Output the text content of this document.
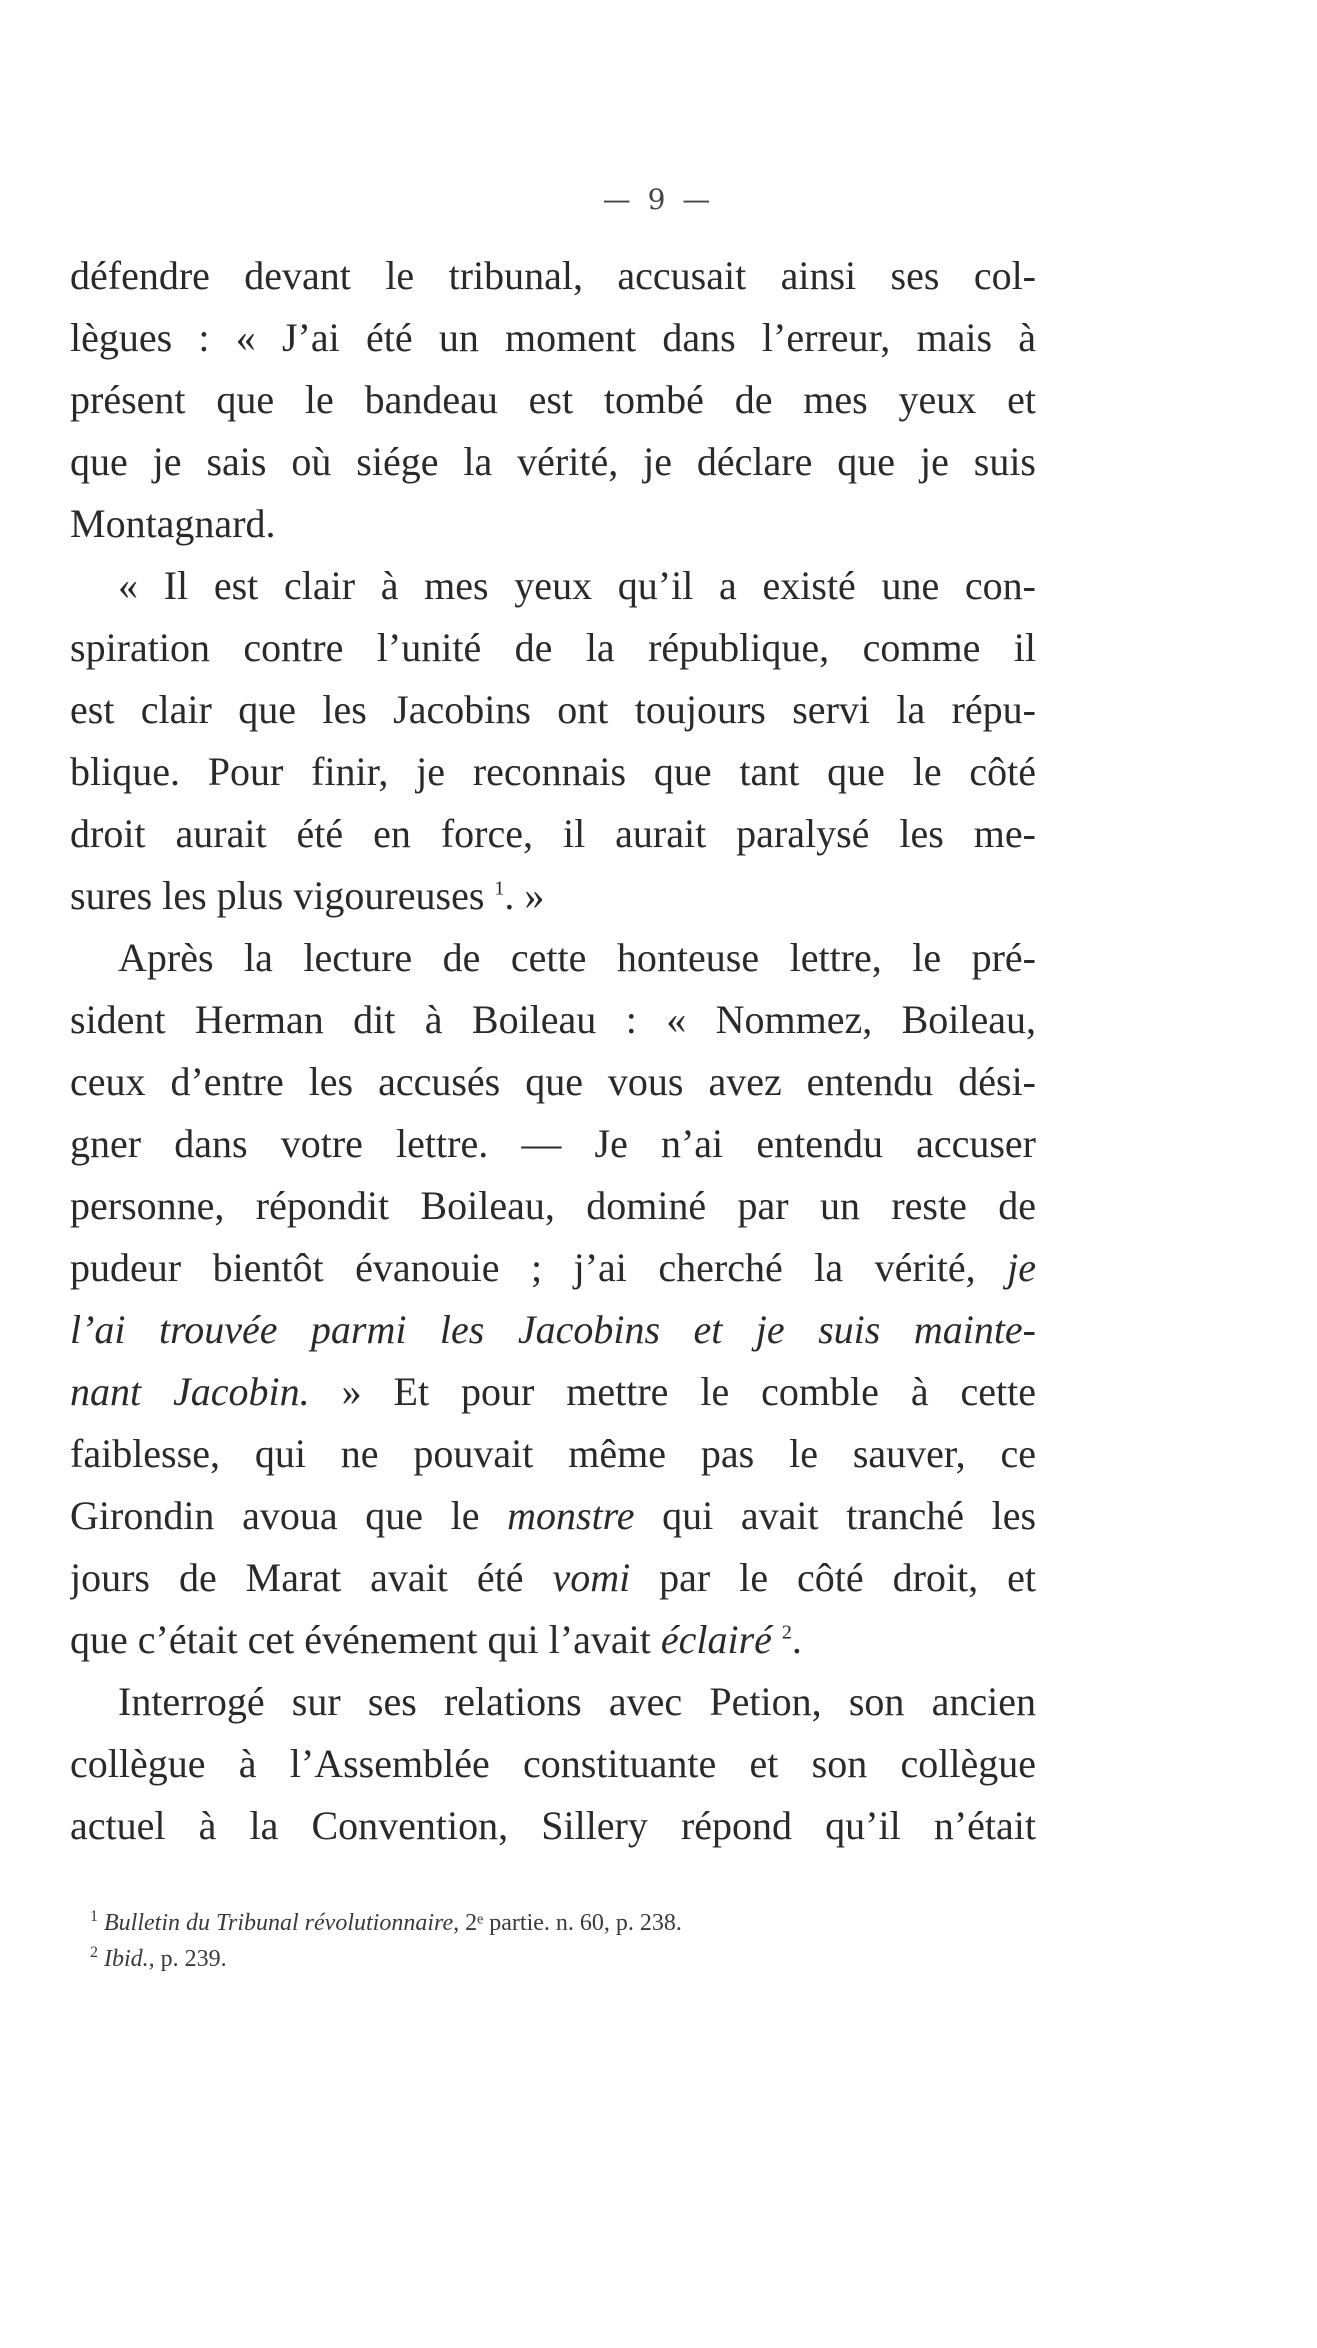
— 9 —
défendre devant le tribunal, accusait ainsi ses col-
lègues : « J’ai été un moment dans l’erreur, mais à
présent que le bandeau est tombé de mes yeux et
que je sais où siége la vérité, je déclare que je suis
Montagnard.
« Il est clair à mes yeux qu’il a existé une con-
spiration contre l’unité de la république, comme il
est clair que les Jacobins ont toujours servi la répu-
blique. Pour finir, je reconnais que tant que le côté
droit aurait été en force, il aurait paralysé les me-
sures les plus vigoureuses $^1$. »
Après la lecture de cette honteuse lettre, le pré-
sident Herman dit à Boileau : « Nommez, Boileau,
ceux d’entre les accusés que vous avez entendu dési-
gner dans votre lettre. — Je n’ai entendu accuser
personne, répondit Boileau, dominé par un reste de
pudeur bientôt évanouie ; j’ai cherché la vérité, je
l’ai trouvée parmi les Jacobins et je suis mainte-
nant Jacobin. » Et pour mettre le comble à cette
faiblesse, qui ne pouvait même pas le sauver, ce
Girondin avoua que le monstre qui avait tranché les
jours de Marat avait été vomi par le côté droit, et
que c’était cet événement qui l’avait éclairé $^2$.
Interrogé sur ses relations avec Petion, son ancien
collègue à l’Assemblée constituante et son collègue
actuel à la Convention, Sillery répond qu’il n’était
$^1$ Bulletin du Tribunal révolutionnaire, 2ᵉ partie. n. 60, p. 238.
$^2$ Ibid., p. 239.
